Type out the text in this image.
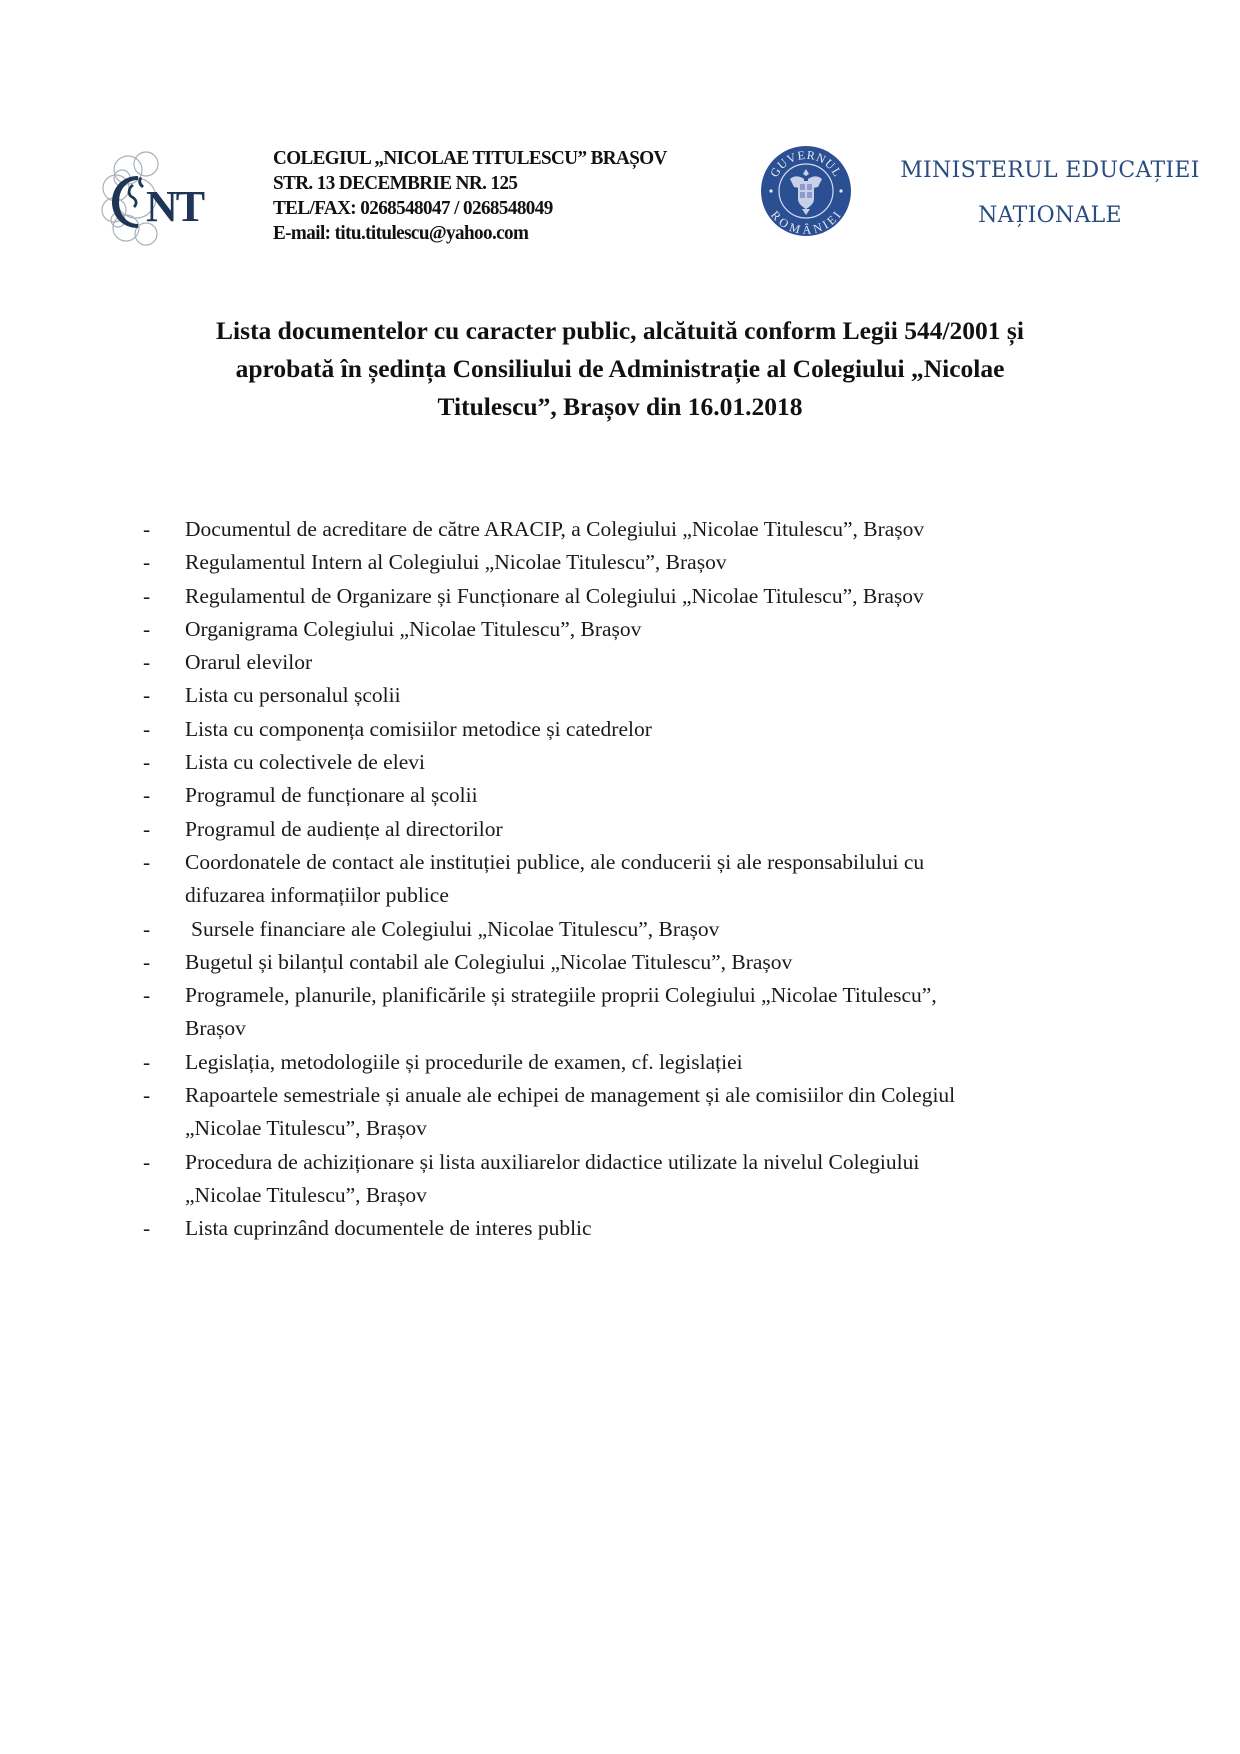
NT
COLEGIUL „NICOLAE TITULESCU” BRAȘOV
STR. 13 DECEMBRIE NR. 125
TEL/FAX: 0268548047 / 0268548049
E-mail: titu.titulescu@yahoo.com
GUVERNUL
ROMÂNIEI
MINISTERUL EDUCAȚIEI
NAȚIONALE
Lista documentelor cu caracter public, alcătuită conform Legii 544/2001 și
aprobată în ședința Consiliului de Administrație al Colegiului „Nicolae
Titulescu”, Brașov din 16.01.2018
- Documentul de acreditare de către ARACIP, a Colegiului „Nicolae Titulescu”, Brașov
- Regulamentul Intern al Colegiului „Nicolae Titulescu”, Brașov
- Regulamentul de Organizare și Funcționare al Colegiului „Nicolae Titulescu”, Brașov
- Organigrama Colegiului „Nicolae Titulescu”, Brașov
- Orarul elevilor
- Lista cu personalul școlii
- Lista cu componența comisiilor metodice și catedrelor
- Lista cu colectivele de elevi
- Programul de funcționare al școlii
- Programul de audiențe al directorilor
- Coordonatele de contact ale instituției publice, ale conducerii și ale responsabilului cu
difuzarea informațiilor publice
- Sursele financiare ale Colegiului „Nicolae Titulescu”, Brașov
- Bugetul și bilanțul contabil ale Colegiului „Nicolae Titulescu”, Brașov
- Programele, planurile, planificările și strategiile proprii Colegiului „Nicolae Titulescu”,
Brașov
- Legislația, metodologiile și procedurile de examen, cf. legislației
- Rapoartele semestriale și anuale ale echipei de management și ale comisiilor din Colegiul
„Nicolae Titulescu”, Brașov
- Procedura de achiziționare și lista auxiliarelor didactice utilizate la nivelul Colegiului
„Nicolae Titulescu”, Brașov
- Lista cuprinzând documentele de interes public
